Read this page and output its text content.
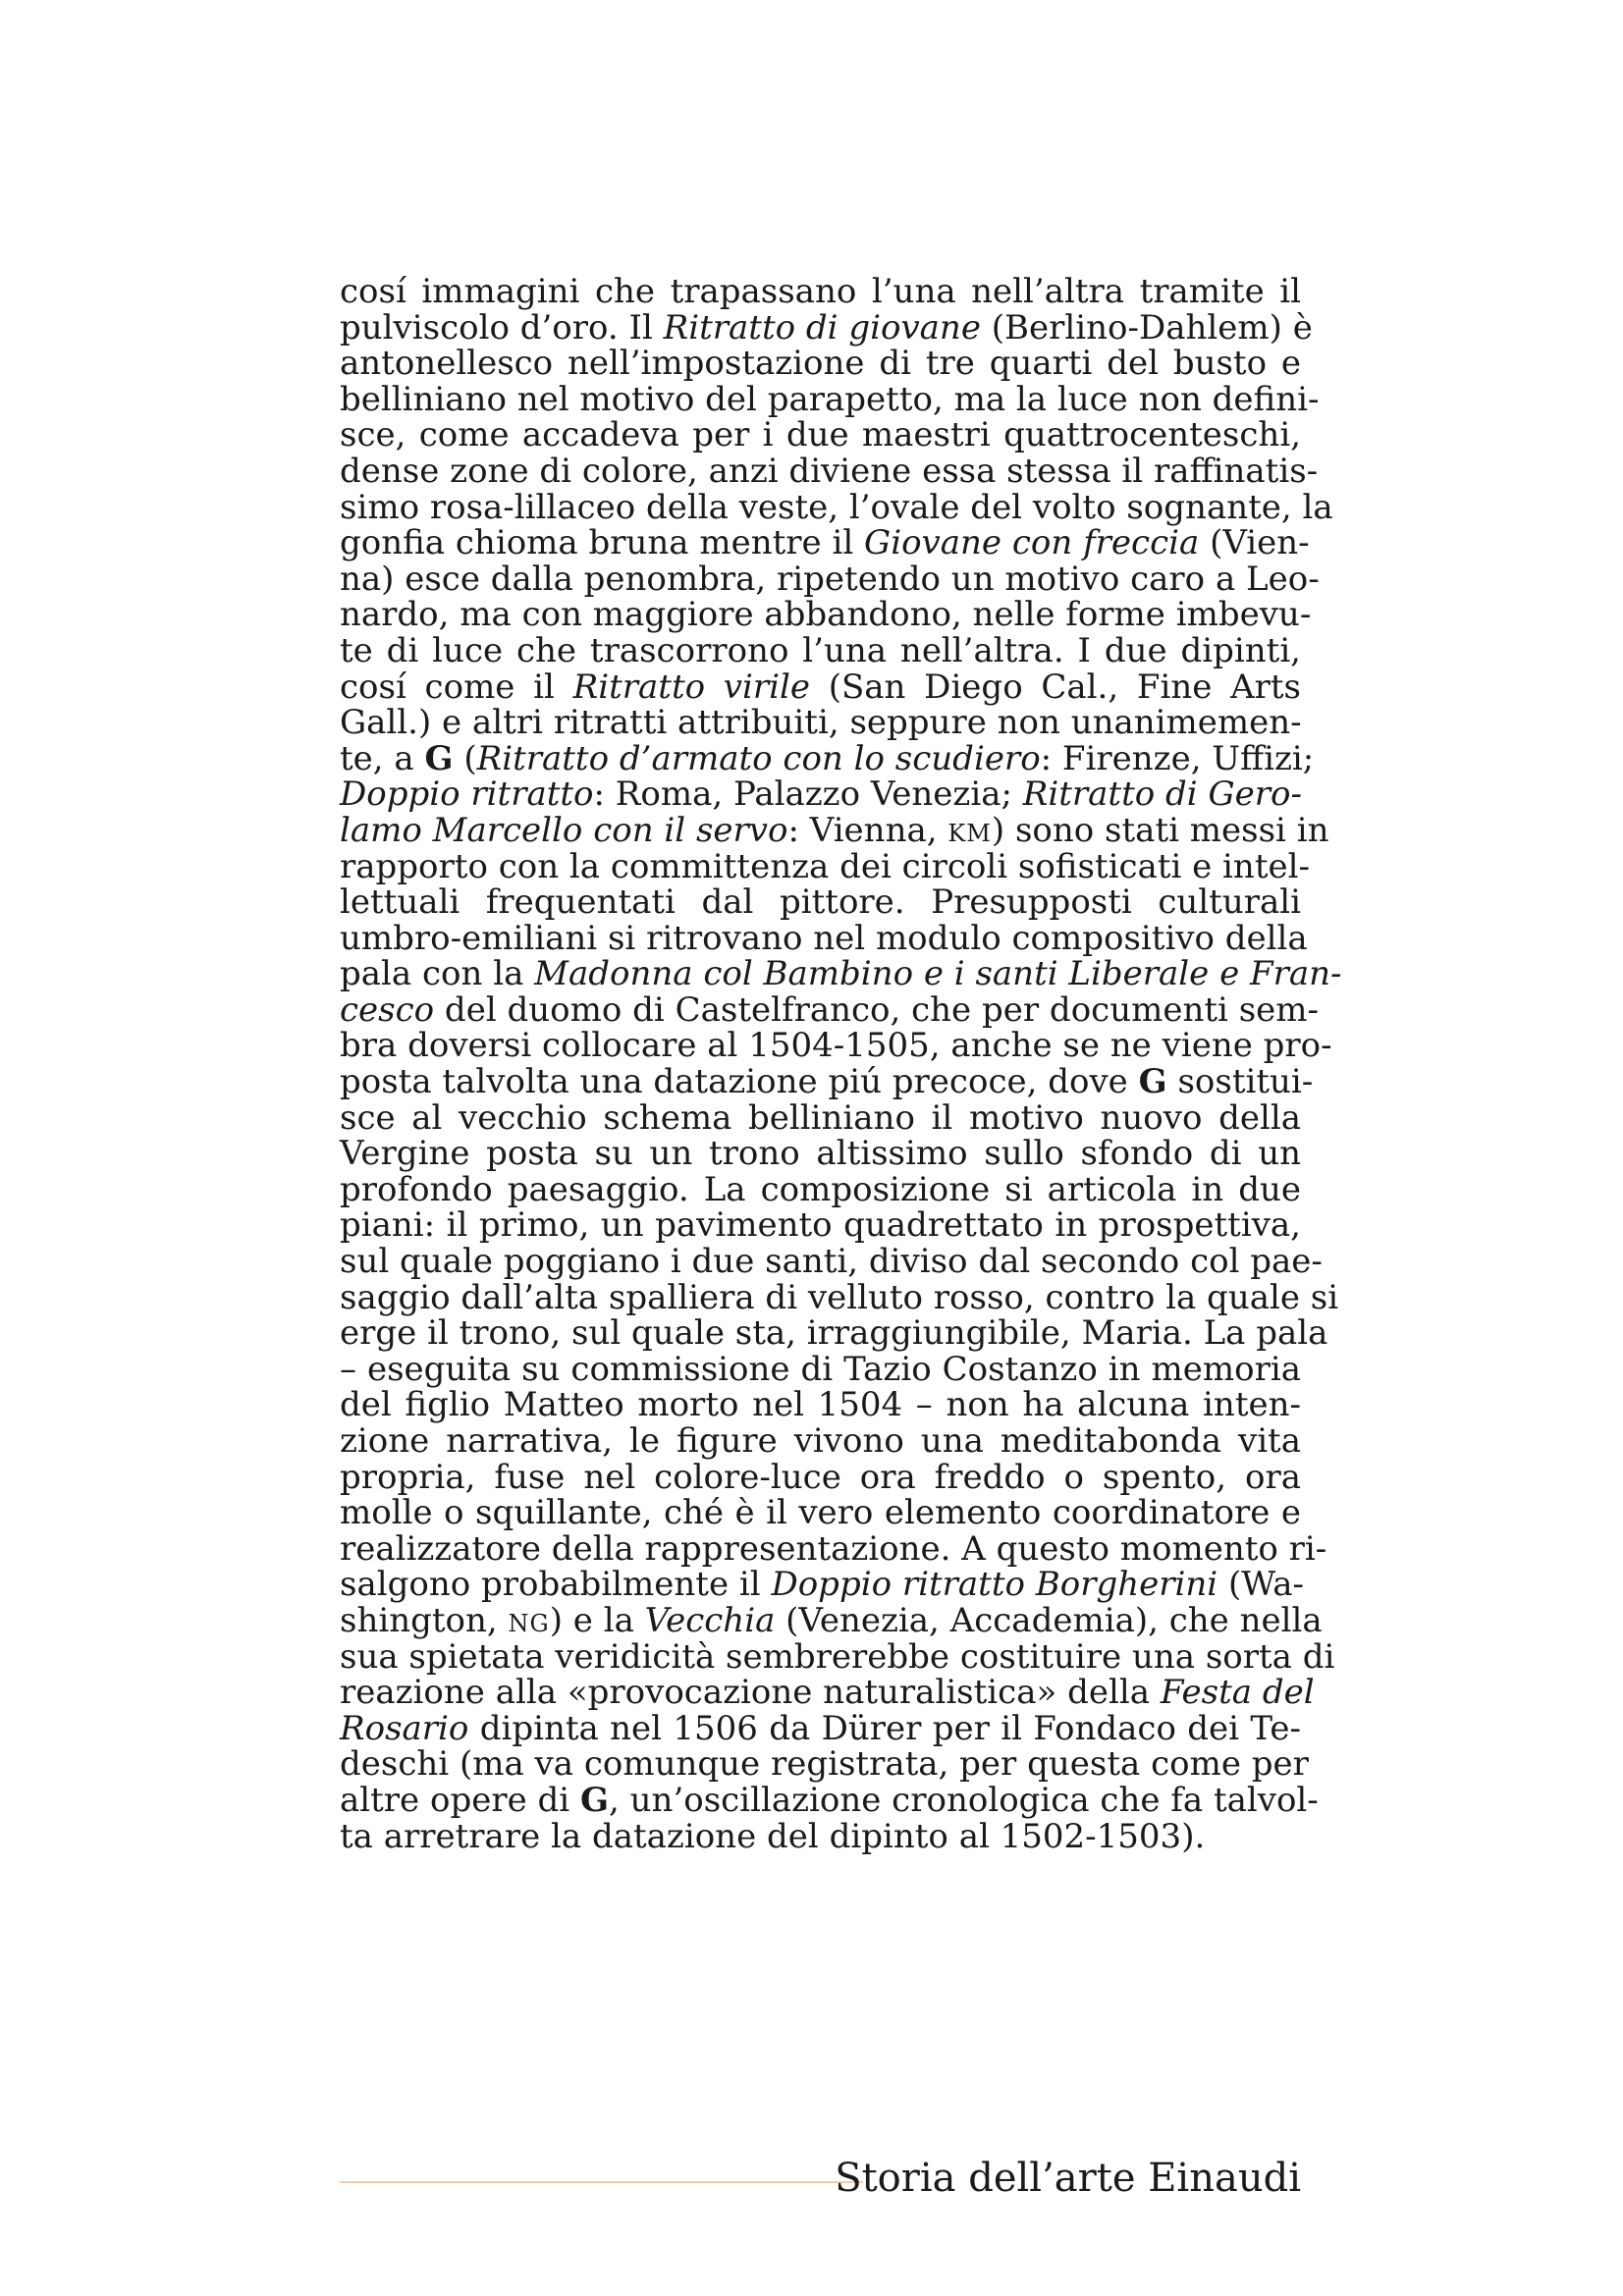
cosí immagini che trapassano l’una nell’altra tramite il
pulviscolo d’oro. Il Ritratto di giovane (Berlino-Dahlem) è
antonellesco nell’impostazione di tre quarti del busto e
belliniano nel motivo del parapetto, ma la luce non defini-
sce, come accadeva per i due maestri quattrocenteschi,
dense zone di colore, anzi diviene essa stessa il raffinatis-
simo rosa-lillaceo della veste, l’ovale del volto sognante, la
gonfia chioma bruna mentre il Giovane con freccia (Vien-
na) esce dalla penombra, ripetendo un motivo caro a Leo-
nardo, ma con maggiore abbandono, nelle forme imbevu-
te di luce che trascorrono l’una nell’altra. I due dipinti,
cosí come il Ritratto virile (San Diego Cal., Fine Arts
Gall.) e altri ritratti attribuiti, seppure non unanimemen-
te, a G (Ritratto d’armato con lo scudiero: Firenze, Uffizi;
Doppio ritratto: Roma, Palazzo Venezia; Ritratto di Gero-
lamo Marcello con il servo: Vienna, KM) sono stati messi in
rapporto con la committenza dei circoli sofisticati e intel-
lettuali frequentati dal pittore. Presupposti culturali
umbro-emiliani si ritrovano nel modulo compositivo della
pala con la Madonna col Bambino e i santi Liberale e Fran-
cesco del duomo di Castelfranco, che per documenti sem-
bra doversi collocare al 1504-1505, anche se ne viene pro-
posta talvolta una datazione piú precoce, dove G sostitui-
sce al vecchio schema belliniano il motivo nuovo della
Vergine posta su un trono altissimo sullo sfondo di un
profondo paesaggio. La composizione si articola in due
piani: il primo, un pavimento quadrettato in prospettiva,
sul quale poggiano i due santi, diviso dal secondo col pae-
saggio dall’alta spalliera di velluto rosso, contro la quale si
erge il trono, sul quale sta, irraggiungibile, Maria. La pala
– eseguita su commissione di Tazio Costanzo in memoria
del figlio Matteo morto nel 1504 – non ha alcuna inten-
zione narrativa, le figure vivono una meditabonda vita
propria, fuse nel colore-luce ora freddo o spento, ora
molle o squillante, ché è il vero elemento coordinatore e
realizzatore della rappresentazione. A questo momento ri-
salgono probabilmente il Doppio ritratto Borgherini (Wa-
shington, NG) e la Vecchia (Venezia, Accademia), che nella
sua spietata veridicità sembrerebbe costituire una sorta di
reazione alla «provocazione naturalistica» della Festa del
Rosario dipinta nel 1506 da Dürer per il Fondaco dei Te-
deschi (ma va comunque registrata, per questa come per
altre opere di G, un’oscillazione cronologica che fa talvol-
ta arretrare la datazione del dipinto al 1502-1503).
Storia dell’arte Einaudi
